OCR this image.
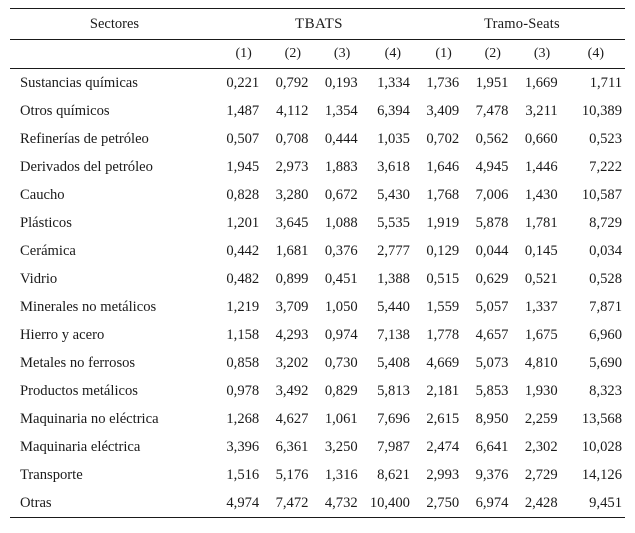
Sectores	TBATS				Tramo-Seats			
	(1)	(2)	(3)	(4)	(1)	(2)	(3)	(4)
Sustancias químicas	0,221	0,792	0,193	1,334	1,736	1,951	1,669	1,711
Otros químicos	1,487	4,112	1,354	6,394	3,409	7,478	3,211	10,389
Refinerías de petróleo	0,507	0,708	0,444	1,035	0,702	0,562	0,660	0,523
Derivados del petróleo	1,945	2,973	1,883	3,618	1,646	4,945	1,446	7,222
Caucho	0,828	3,280	0,672	5,430	1,768	7,006	1,430	10,587
Plásticos	1,201	3,645	1,088	5,535	1,919	5,878	1,781	8,729
Cerámica	0,442	1,681	0,376	2,777	0,129	0,044	0,145	0,034
Vidrio	0,482	0,899	0,451	1,388	0,515	0,629	0,521	0,528
Minerales no metálicos	1,219	3,709	1,050	5,440	1,559	5,057	1,337	7,871
Hierro y acero	1,158	4,293	0,974	7,138	1,778	4,657	1,675	6,960
Metales no ferrosos	0,858	3,202	0,730	5,408	4,669	5,073	4,810	5,690
Productos metálicos	0,978	3,492	0,829	5,813	2,181	5,853	1,930	8,323
Maquinaria no eléctrica	1,268	4,627	1,061	7,696	2,615	8,950	2,259	13,568
Maquinaria eléctrica	3,396	6,361	3,250	7,987	2,474	6,641	2,302	10,028
Transporte	1,516	5,176	1,316	8,621	2,993	9,376	2,729	14,126
Otras	4,974	7,472	4,732	10,400	2,750	6,974	2,428	9,451
